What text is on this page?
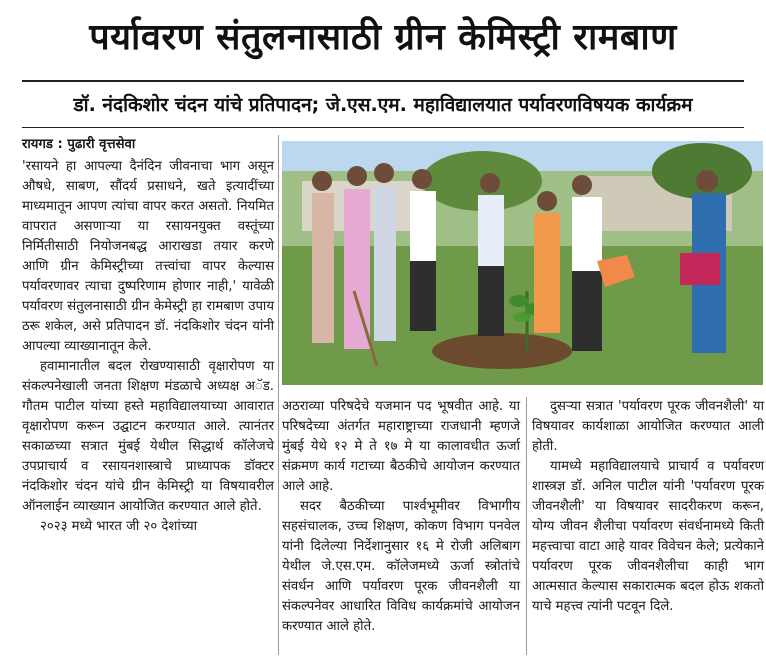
पर्यावरण संतुलनासाठी ग्रीन केमिस्ट्री रामबाण
डॉ. नंदकिशोर चंदन यांचे प्रतिपादन; जे.एस.एम. महाविद्यालयात पर्यावरणविषयक कार्यक्रम
रायगड : पुढारी वृत्तसेवा

'रसायने हा आपल्या दैनंदिन जीवनाचा भाग असून औषधे, साबण, सौंदर्य प्रसाधने, खते इत्यादींच्या माध्यमातून आपण त्यांचा वापर करत असतो. नियमित वापरात असणाऱ्या या रसायनयुक्त वस्तूंच्या निर्मितीसाठी नियोजनबद्ध आराखडा तयार करणे आणि ग्रीन केमिस्ट्रीच्या तत्त्वांचा वापर केल्यास पर्यावरणावर त्याचा दुष्परिणाम होणार नाही,' यावेळी पर्यावरण संतुलनासाठी ग्रीन केमेस्ट्री हा रामबाण उपाय ठरू शकेल, असे प्रतिपादन डॉ. नंदकिशोर चंदन यांनी आपल्या व्याख्यानातून केले.

हवामानातील बदल रोखण्यासाठी वृक्षारोपण या संकल्पनेखाली जनता शिक्षण मंडळाचे अध्यक्ष अॅड. गौतम पाटील यांच्या हस्ते महाविद्यालयाच्या आवारात वृक्षारोपण करून उद्घाटन करण्यात आले. त्यानंतर सकाळच्या सत्रात मुंबई येथील सिद्धार्थ कॉलेजचे उपप्राचार्य व रसायनशास्त्राचे प्राध्यापक डॉक्टर नंदकिशोर चंदन यांचे ग्रीन केमिस्ट्री या विषयावरील ऑनलाईन व्याख्यान आयोजित करण्यात आले होते.

२०२३ मध्ये भारत जी २० देशांच्या

अठराव्या परिषदेचे यजमान पद भूषवीत आहे. या परिषदेच्या अंतर्गत महाराष्ट्राच्या राजधानी म्हणजे मुंबई येथे १२ मे ते १७ मे या कालावधीत ऊर्जा संक्रमण कार्य गटाच्या बैठकीचे आयोजन करण्यात आले आहे.

सदर बैठकीच्या पार्श्वभूमीवर विभागीय सहसंचालक, उच्च शिक्षण, कोकण विभाग पनवेल यांनी दिलेल्या निर्देशानुसार १६ मे रोजी अलिबाग येथील जे.एस.एम. कॉलेजमध्ये ऊर्जा स्त्रोतांचे संवर्धन आणि पर्यावरण पूरक जीवनशैली या संकल्पनेवर आधारित विविध कार्यक्रमांचे आयोजन करण्यात आले होते.

दुसऱ्या सत्रात 'पर्यावरण पूरक जीवनशैली' या विषयावर कार्यशाळा आयोजित करण्यात आली होती.

यामध्ये महाविद्यालयाचे प्राचार्य व पर्यावरण शास्त्रज्ञ डॉ. अनिल पाटील यांनी 'पर्यावरण पूरक जीवनशैली' या विषयावर सादरीकरण करून, योग्य जीवन शैलीचा पर्यावरण संवर्धनामध्ये किती महत्त्वाचा वाटा आहे यावर विवेचन केले; प्रत्येकाने पर्यावरण पूरक जीवनशैलीचा काही भाग आत्मसात केल्यास सकारात्मक बदल होऊ शकतो याचे महत्त्व त्यांनी पटवून दिले.
